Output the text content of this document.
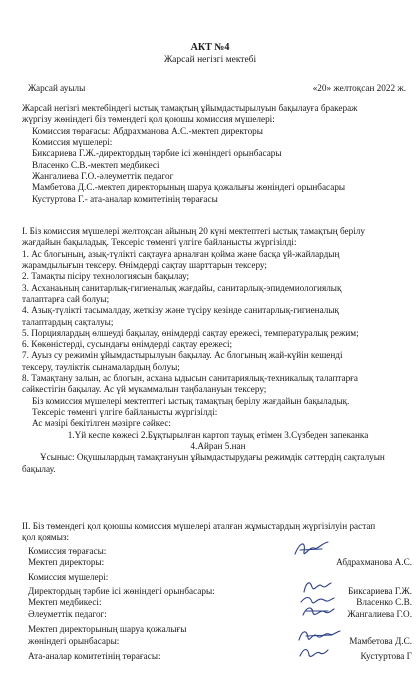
АКТ №4
Жарсай негізгі мектебі
Жарсай ауылы	«20» желтоқсан 2022 ж.
Жарсай негізгі мектебіндегі ыстық тамақтың ұйымдастырылуын бақылауға бракераж
жүргізу жөніндегі біз төмендегі қол қоюшы комиссия мүшелері:
Комиссия төрағасы: Абдрахманова А.С.-мектеп директоры
Комиссия мүшелері:
Биксариева Г.Ж.-директордың тәрбие ісі жөніндегі орынбасары
Власенко С.В.-мектеп медбикесі
Жангалиева Г.О.-әлеуметтік педагог
Мамбетова Д.С.-мектеп директорының шаруа қожалығы жөніндегі орынбасары
Кустуртова Г.- ата-аналар комитетінің төрағасы
І. Біз комиссия мүшелері желтоқсан айының 20 күні мектептегі ыстық тамақтың берілу
жағдайын бақыладық. Тексеріс төменгі үлгіге байланысты жүргізілді:
1. Ас блогының, азық-түлікті сақтауға арналған қойма және басқа үй-жайлардың
жарамдылығын тексеру. Өнімдерді сақтау шарттарын тексеру;
2. Тамақты пісіру технологиясын бақылау;
3. Асханаьның санитарлық-гигиеналық жағдайы, санитарлық-эпидемиологиялық
талаптарға сай болуы;
4. Азық-түлікті тасымалдау, жеткізу және түсіру кезінде санитарлық-гигиеналық
талаптардың сақталуы;
5. Порциялардың өлшеуді бақылау, өнімдерді сақтау ережесі, температуралық режим;
6. Көкөністерді, сусындағы өнімдерді сақтау ережесі;
7. Ауыз су режимін ұйымдастырылуын бақылау. Ас блогының жай-күйін кешенді
тексеру, тәуліктік сынамалардың болуы;
8. Тамақтану залын, ас блогын, асхана ыдысын санитариялық-техникалық талаптарға
сәйкестігін бақылау. Ас үй мүкаммалын таңбалануын тексеру;
Біз комиссия мүшелері мектептегі ыстық тамақтың берілу жағдайын бақыладық.
Тексеріс төменгі үлгіге байланысты жүргізілді:
Ас мәзірі бекітілген мәзірге сәйкес:
1.Үй кеспе көжесі 2.Бұқтырылған картоп тауық етімен 3.Сүзбеден запеканка
4.Айран 5.нан
Ұсыныс: Оқушылардың тамақтануын ұйымдастырудағы режимдік сәттердің сақталуын
бақылау.
ІІ. Біз төмендегі қол қоюшы комиссия мүшелері аталған жұмыстардың жүргізілуін растап
қол қоямыз:
Комиссия төрағасы:
Мектеп директоры:	Абдрахманова А.С.
Комиссия мүшелері:
Директордың тәрбие ісі жөніндегі орынбасары:	Биксариева Г.Ж.
Мектеп медбикесі:	Власенко С.В.
Әлеуметтік педагог:	Жангалиева Г.О.
Мектеп директорының шаруа қожалығы
жөніндегі орынбасары:	Мамбетова Д.С.
Ата-аналар комитетінің төрағасы:	Кустуртова Г
